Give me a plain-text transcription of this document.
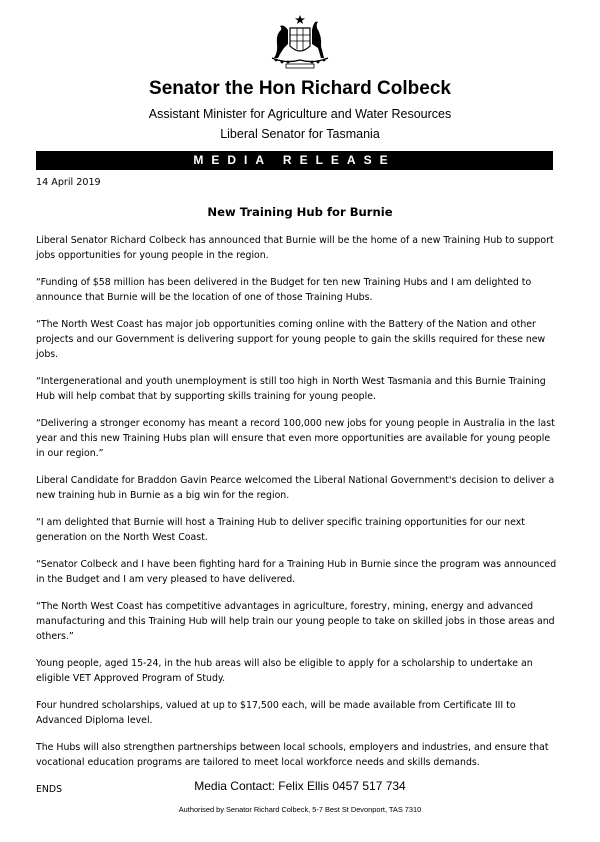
Senator the Hon Richard Colbeck
Assistant Minister for Agriculture and Water Resources
Liberal Senator for Tasmania
MEDIA RELEASE
14 April 2019
New Training Hub for Burnie

Liberal Senator Richard Colbeck has announced that Burnie will be the home of a new Training Hub to support jobs opportunities for young people in the region.

“Funding of $58 million has been delivered in the Budget for ten new Training Hubs and I am delighted to announce that Burnie will be the location of one of those Training Hubs.

“The North West Coast has major job opportunities coming online with the Battery of the Nation and other projects and our Government is delivering support for young people to gain the skills required for these new jobs.

“Intergenerational and youth unemployment is still too high in North West Tasmania and this Burnie Training Hub will help combat that by supporting skills training for young people.

“Delivering a stronger economy has meant a record 100,000 new jobs for young people in Australia in the last year and this new Training Hubs plan will ensure that even more opportunities are available for young people in our region.”

Liberal Candidate for Braddon Gavin Pearce welcomed the Liberal National Government's decision to deliver a new training hub in Burnie as a big win for the region.

“I am delighted that Burnie will host a Training Hub to deliver specific training opportunities for our next generation on the North West Coast.

“Senator Colbeck and I have been fighting hard for a Training Hub in Burnie since the program was announced in the Budget and I am very pleased to have delivered.

“The North West Coast has competitive advantages in agriculture, forestry, mining, energy and advanced manufacturing and this Training Hub will help train our young people to take on skilled jobs in those areas and others.”

Young people, aged 15-24, in the hub areas will also be eligible to apply for a scholarship to undertake an eligible VET Approved Program of Study.

Four hundred scholarships, valued at up to $17,500 each, will be made available from Certificate III to Advanced Diploma level.

The Hubs will also strengthen partnerships between local schools, employers and industries, and ensure that vocational education programs are tailored to meet local workforce needs and skills demands.

ENDS	Media Contact: Felix Ellis 0457 517 734
Authorised by Senator Richard Colbeck, 5-7 Best St Devonport, TAS 7310
